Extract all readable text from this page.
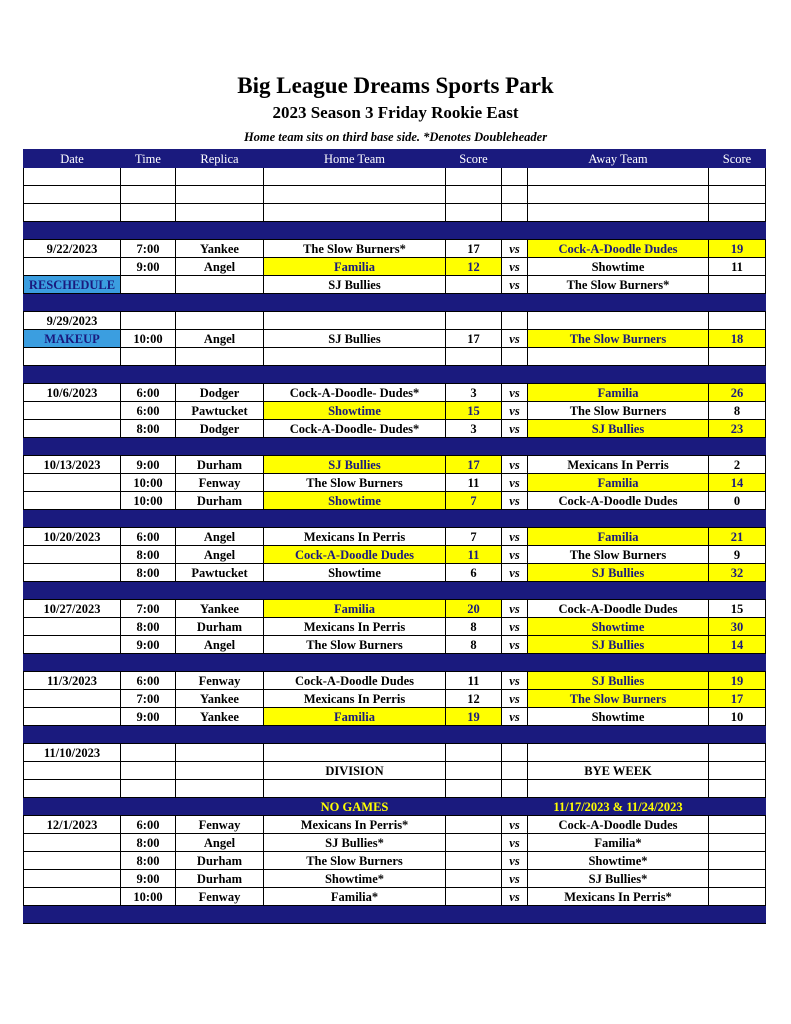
Big League Dreams Sports Park
2023 Season 3 Friday Rookie East
Home team sits on third base side. *Denotes Doubleheader
Date	Time	Replica	Home Team	Score		Away Team	Score

9/22/2023	7:00	Yankee	The Slow Burners*	17	vs	Cock-A-Doodle Dudes	19
	9:00	Angel	Familia	12	vs	Showtime	11
RESCHEDULE			SJ Bullies		vs	The Slow Burners*	

9/29/2023							
MAKEUP	10:00	Angel	SJ Bullies	17	vs	The Slow Burners	18

10/6/2023	6:00	Dodger	Cock-A-Doodle- Dudes*	3	vs	Familia	26
	6:00	Pawtucket	Showtime	15	vs	The Slow Burners	8
	8:00	Dodger	Cock-A-Doodle- Dudes*	3	vs	SJ Bullies	23

10/13/2023	9:00	Durham	SJ Bullies	17	vs	Mexicans In Perris	2
	10:00	Fenway	The Slow Burners	11	vs	Familia	14
	10:00	Durham	Showtime	7	vs	Cock-A-Doodle Dudes	0

10/20/2023	6:00	Angel	Mexicans In Perris	7	vs	Familia	21
	8:00	Angel	Cock-A-Doodle Dudes	11	vs	The Slow Burners	9
	8:00	Pawtucket	Showtime	6	vs	SJ Bullies	32

10/27/2023	7:00	Yankee	Familia	20	vs	Cock-A-Doodle Dudes	15
	8:00	Durham	Mexicans In Perris	8	vs	Showtime	30
	9:00	Angel	The Slow Burners	8	vs	SJ Bullies	14

11/3/2023	6:00	Fenway	Cock-A-Doodle Dudes	11	vs	SJ Bullies	19
	7:00	Yankee	Mexicans In Perris	12	vs	The Slow Burners	17
	9:00	Yankee	Familia	19	vs	Showtime	10

11/10/2023							
			DIVISION			BYE WEEK	

			NO GAMES			11/17/2023 & 11/24/2023	
12/1/2023	6:00	Fenway	Mexicans In Perris*		vs	Cock-A-Doodle Dudes	
	8:00	Angel	SJ Bullies*		vs	Familia*	
	8:00	Durham	The Slow Burners		vs	Showtime*	
	9:00	Durham	Showtime*		vs	SJ Bullies*	
	10:00	Fenway	Familia*		vs	Mexicans In Perris*	
